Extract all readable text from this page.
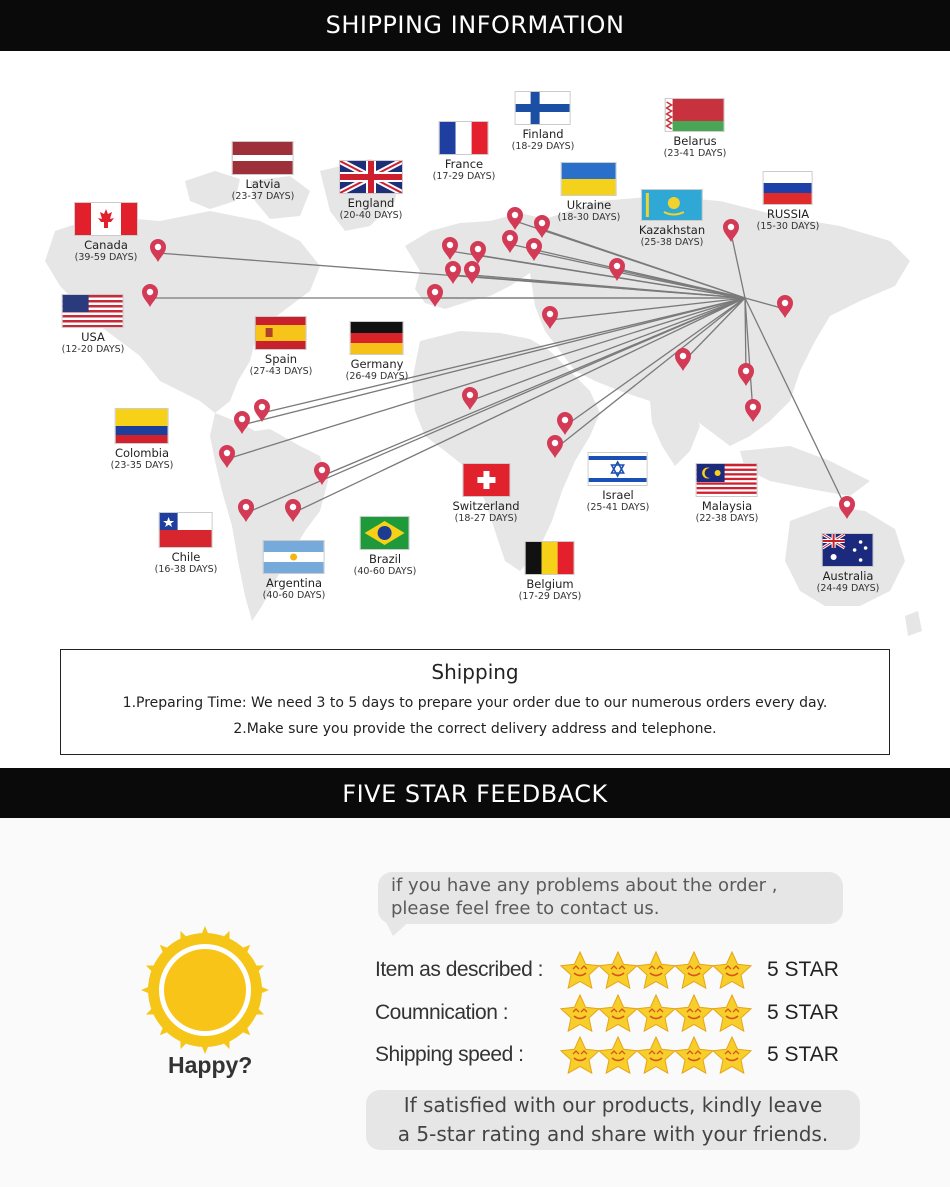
SHIPPING INFORMATION
Finland
(18-29 DAYS)	Belarus
(23-41 DAYS)
France
(17-29 DAYS)
Latvia
(23-37 DAYS)	England
(20-40 DAYS)
Ukraine
(18-30 DAYS)	RUSSIA
(15-30 DAYS)
Kazakhstan
(25-38 DAYS)
Canada
(39-59 DAYS)
USA
(12-20 DAYS)
Spain
(27-43 DAYS)
Germany
(26-49 DAYS)
Colombia
(23-35 DAYS)
Switzerland
(18-27 DAYS)
Israel
(25-41 DAYS)	Malaysia
(22-38 DAYS)
Chile
(16-38 DAYS)
Brazil
(40-60 DAYS)
Argentina
(40-60 DAYS)
Belgium
(17-29 DAYS)
Australia
(24-49 DAYS)
Shipping
1.Preparing Time: We need 3 to 5 days to prepare your order due to our numerous orders every day.
2.Make sure you provide the correct delivery address and telephone.
FIVE STAR FEEDBACK
Happy?
if you have any problems about the order ,
please feel free to contact us.
Item as described :	5 STAR
Coumnication :	5 STAR
Shipping speed :	5 STAR
If satisfied with our products, kindly leave
a 5-star rating and share with your friends.
